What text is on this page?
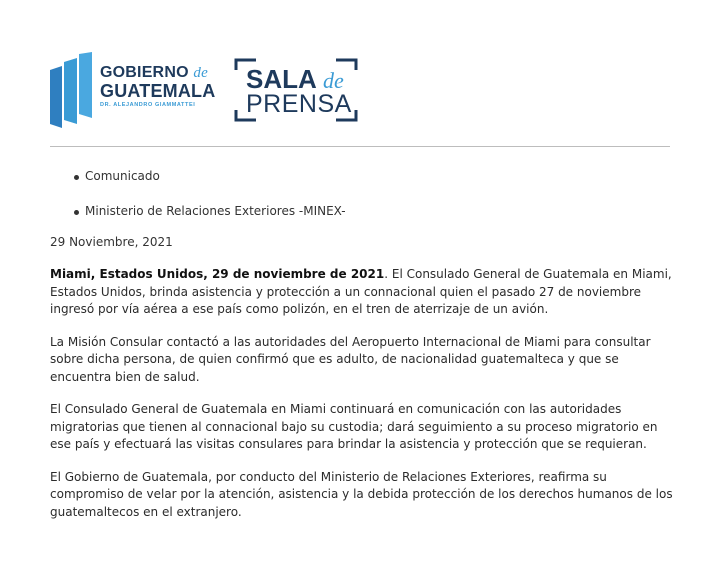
GOBIERNO de
GUATEMALA
DR. ALEJANDRO GIAMMATTEI
SALA de
PRENSA
Comunicado
Ministerio de Relaciones Exteriores -MINEX-
29 Noviembre, 2021

Miami, Estados Unidos, 29 de noviembre de 2021. El Consulado General de Guatemala en Miami, Estados Unidos, brinda asistencia y protección a un connacional quien el pasado 27 de noviembre ingresó por vía aérea a ese país como polizón, en el tren de aterrizaje de un avión.

La Misión Consular contactó a las autoridades del Aeropuerto Internacional de Miami para consultar sobre dicha persona, de quien confirmó que es adulto, de nacionalidad guatemalteca y que se encuentra bien de salud.

El Consulado General de Guatemala en Miami continuará en comunicación con las autoridades migratorias que tienen al connacional bajo su custodia; dará seguimiento a su proceso migratorio en ese país y efectuará las visitas consulares para brindar la asistencia y protección que se requieran.

El Gobierno de Guatemala, por conducto del Ministerio de Relaciones Exteriores, reafirma su compromiso de velar por la atención, asistencia y la debida protección de los derechos humanos de los guatemaltecos en el extranjero.
